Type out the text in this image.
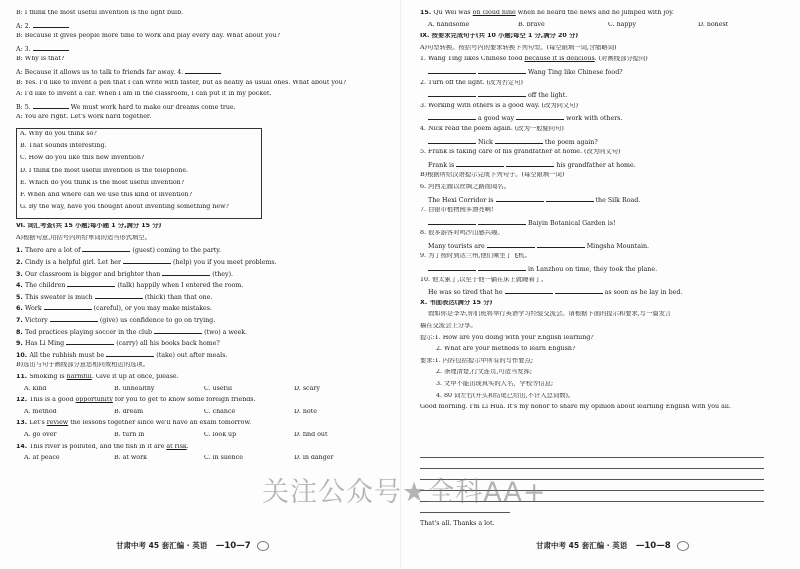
B: I think the most useful invention is the light bulb.
A: 2.
B: Because it gives people more time to work and play every day. What about you?
A: 3.
B: Why is that?
A: Because it allows us to talk to friends far away. 4.
B: Yes. I'd like to invent a pen that I can write with faster, but as neatly as usual ones. What about you?
A: I'd like to invent a car. When I am in the classroom, I can put it in my pocket.
B: 5.	We must work hard to make our dreams come true.
A: You are right. Let's work hard together.
A. Why do you think so?
B. That sounds interesting.
C. How do you like this new invention?
D. I think the most useful invention is the telephone.
E. Which do you think is the most useful invention?
F. When and where can we use this kind of invention?
G. By the way, have you thought about inventing something new?
Ⅵ. 词汇考查(共 15 小题;每小题 1 分,满分 15 分)
A)根据句意,用括号内所给单词的适当形式填空。
1. There are a lot of	(guest) coming to the party.
2. Cindy is a helpful girl. Let her	(help) you if you meet problems.
3. Our classroom is bigger and brighter than	(they).
4. The children	(talk) happily when I entered the room.
5. This sweater is much	(thick) than that one.
6. Work	(careful), or you may make mistakes.
7. Victory	(give) us confidence to go on trying.
8. Ted practices playing soccer in the club	(two) a week.
9. Has Li Ming	(carry) all his books back home?
10. All the rubbish must be	(take) out after meals.
B)选出与句子画线部分意思相同或相近的选项。
11. Smoking is harmful. Give it up at once, please.
A. kind	B. unhealthy	C. useful	D. scary
12. This is a good opportunity for you to get to know some foreign friends.
A. method	B. dream	C. chance	D. note
13. Let's review the lessons together since we'll have an exam tomorrow.
A. go over	B. turn in	C. look up	D. find out
14. This river is polluted, and the fish in it are at risk.
A. at peace	B. at work	C. in silence	D. in danger
15. Qu Wei was on cloud nine when he heard the news and he jumped with joy.
A. handsome	B. brave	C. happy	D. honest
Ⅸ. 按要求完成句子(共 10 小题;每空 1 分,满分 20 分)
A)句型转换。按括号内的要求转换下列句型。(每空限填一词,含缩略词)
1. Wang Ting likes Chinese food because it is delicious. (对画线部分提问)
Wang Ting like Chinese food?
2. Turn off the light. (改为否定句)
off the light.
3. Working with others is a good way. (改为同义句)
a good way	work with others.
4. Nick read the poem again. (改为一般疑问句)
Nick	the poem again?
5. Frank is taking care of his grandfather at home. (改为同义句)
Frank is	his grandfather at home.
B)根据所给汉语提示完成下列句子。(每空限填一词)
6. 河西走廊以丝绸之路而闻名。
The Hexi Corridor is	the Silk Road.
7. 白银市植物园多漂亮啊!
Baiyin Botanical Garden is!
8. 很多游客对鸣沙山感兴趣。
Many tourists are	Mingsha Mountain.
9. 为了按时到达兰州,他们乘坐了飞机。
in Lanzhou on time, they took the plane.
10. 他太累了,以至于他一躺在床上就睡着了。
He was so tired that he	as soon as he lay in bed.
Ⅹ. 书面表达(满分 15 分)
假如你是李华,你们班将举行英语学习经验交流会。请根据下面的提示和要求,写一篇发言
稿在交流会上分享。
提示:1. How are you doing with your English learning?
2. What are your methods to learn English?
要求:1. 内容包括提示中所有的写作要点;
2. 条理清楚,行文连贯,可适当发挥;
3. 文中不能出现真实的人名、学校等信息;
4. 80 词左右(开头和结尾已给出,不计入总词数)。
Good morning. I'm Li Hua. It's my honor to share my opinion about learning English with you all.
That's all. Thanks a lot.
甘肃中考 45 套汇编 · 英语 —10—7	甘肃中考 45 套汇编 · 英语 —10—8
关注公众号★全科AA+
